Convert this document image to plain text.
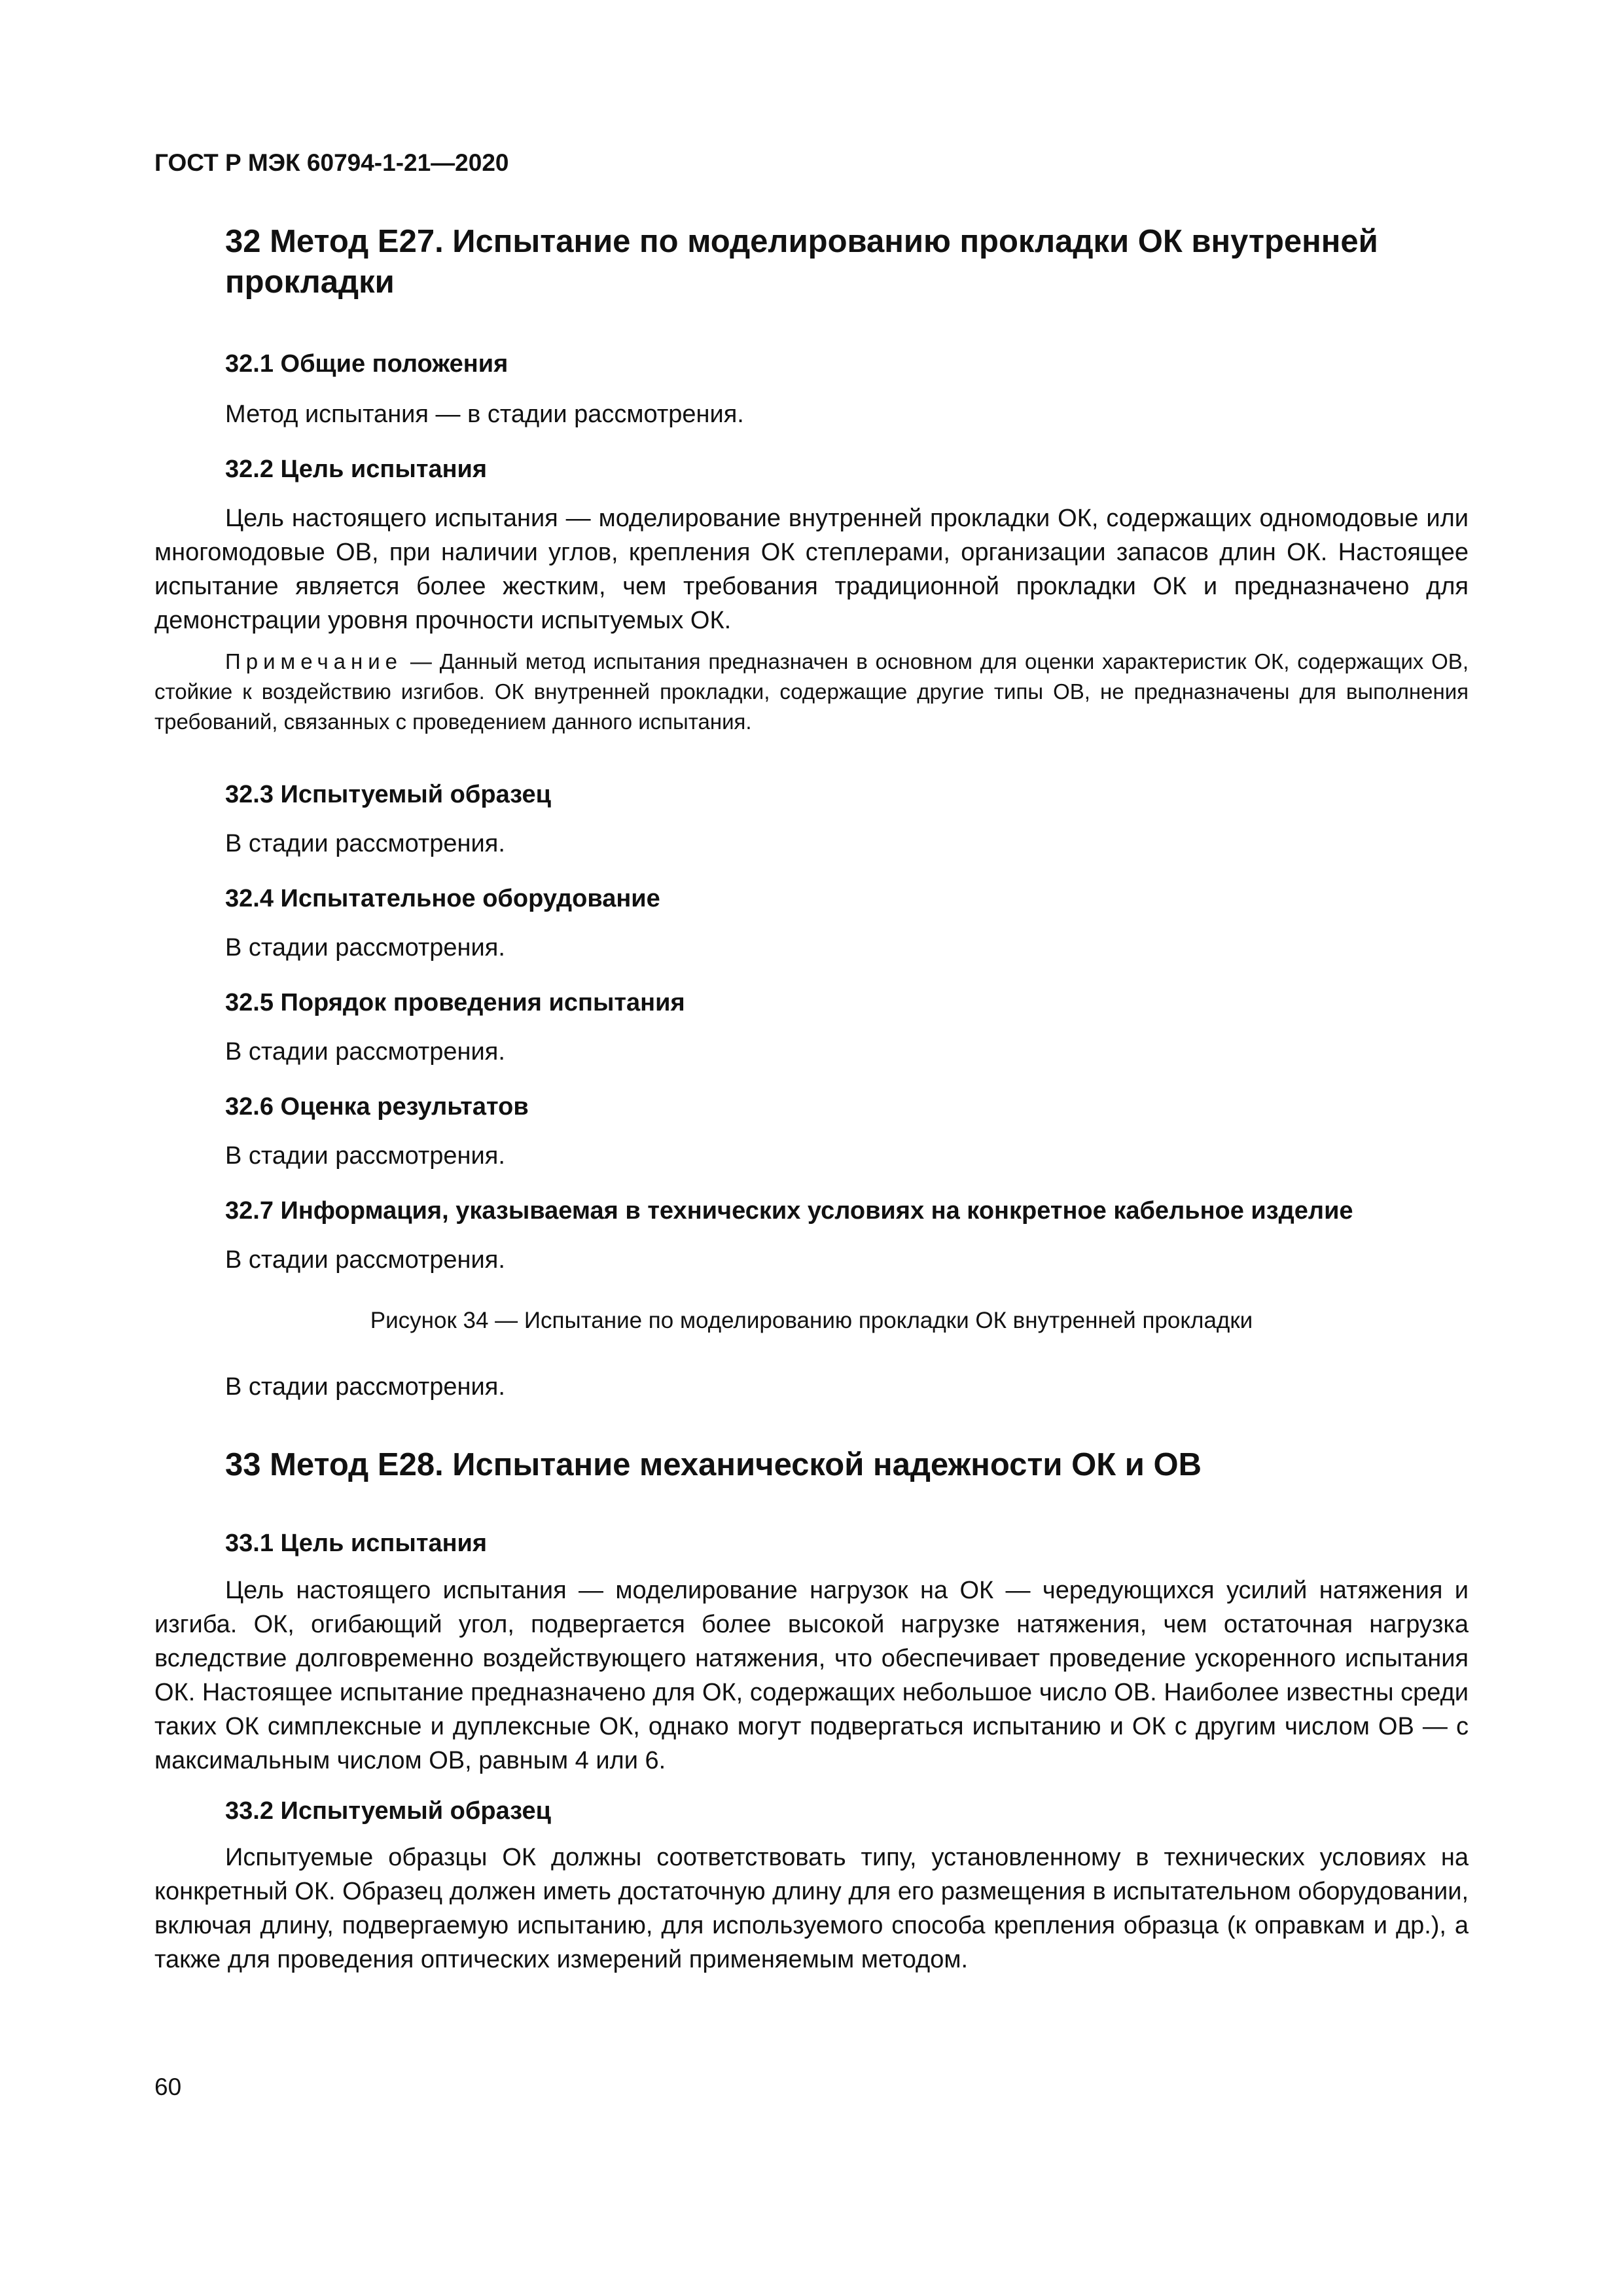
ГОСТ Р МЭК 60794-1-21—2020
32 Метод Е27. Испытание по моделированию прокладки ОК внутренней прокладки
32.1 Общие положения

Метод испытания — в стадии рассмотрения.

32.2 Цель испытания

Цель настоящего испытания — моделирование внутренней прокладки ОК, содержащих одномодовые или многомодовые ОВ, при наличии углов, крепления ОК степлерами, организации запасов длин ОК. Настоящее испытание является более жестким, чем требования традиционной прокладки ОК и предназначено для демонстрации уровня прочности испытуемых ОК.

Примечание — Данный метод испытания предназначен в основном для оценки характеристик ОК, содержащих ОВ, стойкие к воздействию изгибов. ОК внутренней прокладки, содержащие другие типы ОВ, не предназначены для выполнения требований, связанных с проведением данного испытания.

32.3 Испытуемый образец

В стадии рассмотрения.

32.4 Испытательное оборудование

В стадии рассмотрения.

32.5 Порядок проведения испытания

В стадии рассмотрения.

32.6 Оценка результатов

В стадии рассмотрения.

32.7 Информация, указываемая в технических условиях на конкретное кабельное изделие

В стадии рассмотрения.

Рисунок 34 — Испытание по моделированию прокладки ОК внутренней прокладки

В стадии рассмотрения.

33 Метод Е28. Испытание механической надежности ОК и ОВ
33.1 Цель испытания

Цель настоящего испытания — моделирование нагрузок на ОК — чередующихся усилий натяжения и изгиба. ОК, огибающий угол, подвергается более высокой нагрузке натяжения, чем остаточная нагрузка вследствие долговременно воздействующего натяжения, что обеспечивает проведение ускоренного испытания ОК. Настоящее испытание предназначено для ОК, содержащих небольшое число ОВ. Наиболее известны среди таких ОК симплексные и дуплексные ОК, однако могут подвергаться испытанию и ОК с другим числом ОВ — с максимальным числом ОВ, равным 4 или 6.

33.2 Испытуемый образец

Испытуемые образцы ОК должны соответствовать типу, установленному в технических условиях на конкретный ОК. Образец должен иметь достаточную длину для его размещения в испытательном оборудовании, включая длину, подвергаемую испытанию, для используемого способа крепления образца (к оправкам и др.), а также для проведения оптических измерений применяемым методом.

60
